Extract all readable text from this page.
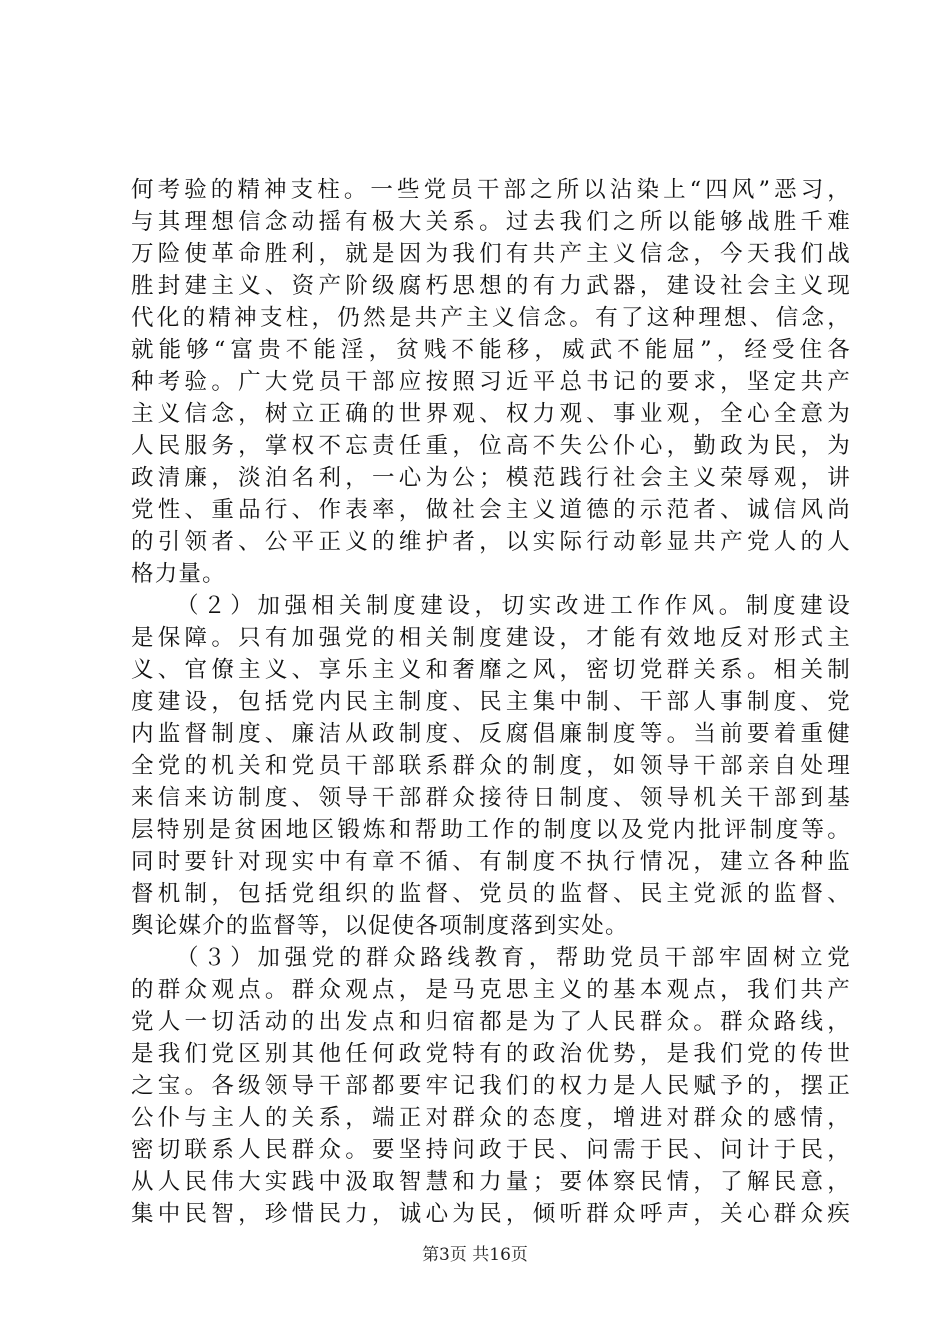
何考验的精神支柱。一些党员干部之所以沾染上“四风”恶习，
与其理想信念动摇有极大关系。过去我们之所以能够战胜千难
万险使革命胜利，就是因为我们有共产主义信念，今天我们战
胜封建主义、资产阶级腐朽思想的有力武器，建设社会主义现
代化的精神支柱，仍然是共产主义信念。有了这种理想、信念，
就能够“富贵不能淫，贫贱不能移，威武不能屈”，经受住各
种考验。广大党员干部应按照习近平总书记的要求，坚定共产
主义信念，树立正确的世界观、权力观、事业观，全心全意为
人民服务，掌权不忘责任重，位高不失公仆心，勤政为民，为
政清廉，淡泊名利，一心为公；模范践行社会主义荣辱观，讲
党性、重品行、作表率，做社会主义道德的示范者、诚信风尚
的引领者、公平正义的维护者，以实际行动彰显共产党人的人
格力量。
（２）加强相关制度建设，切实改进工作作风。制度建设
是保障。只有加强党的相关制度建设，才能有效地反对形式主
义、官僚主义、享乐主义和奢靡之风，密切党群关系。相关制
度建设，包括党内民主制度、民主集中制、干部人事制度、党
内监督制度、廉洁从政制度、反腐倡廉制度等。当前要着重健
全党的机关和党员干部联系群众的制度，如领导干部亲自处理
来信来访制度、领导干部群众接待日制度、领导机关干部到基
层特别是贫困地区锻炼和帮助工作的制度以及党内批评制度等。
同时要针对现实中有章不循、有制度不执行情况，建立各种监
督机制，包括党组织的监督、党员的监督、民主党派的监督、
舆论媒介的监督等，以促使各项制度落到实处。
（３）加强党的群众路线教育，帮助党员干部牢固树立党
的群众观点。群众观点，是马克思主义的基本观点，我们共产
党人一切活动的出发点和归宿都是为了人民群众。群众路线，
是我们党区别其他任何政党特有的政治优势，是我们党的传世
之宝。各级领导干部都要牢记我们的权力是人民赋予的，摆正
公仆与主人的关系，端正对群众的态度，增进对群众的感情，
密切联系人民群众。要坚持问政于民、问需于民、问计于民，
从人民伟大实践中汲取智慧和力量；要体察民情，了解民意，
集中民智，珍惜民力，诚心为民，倾听群众呼声，关心群众疾
第3页 共16页
